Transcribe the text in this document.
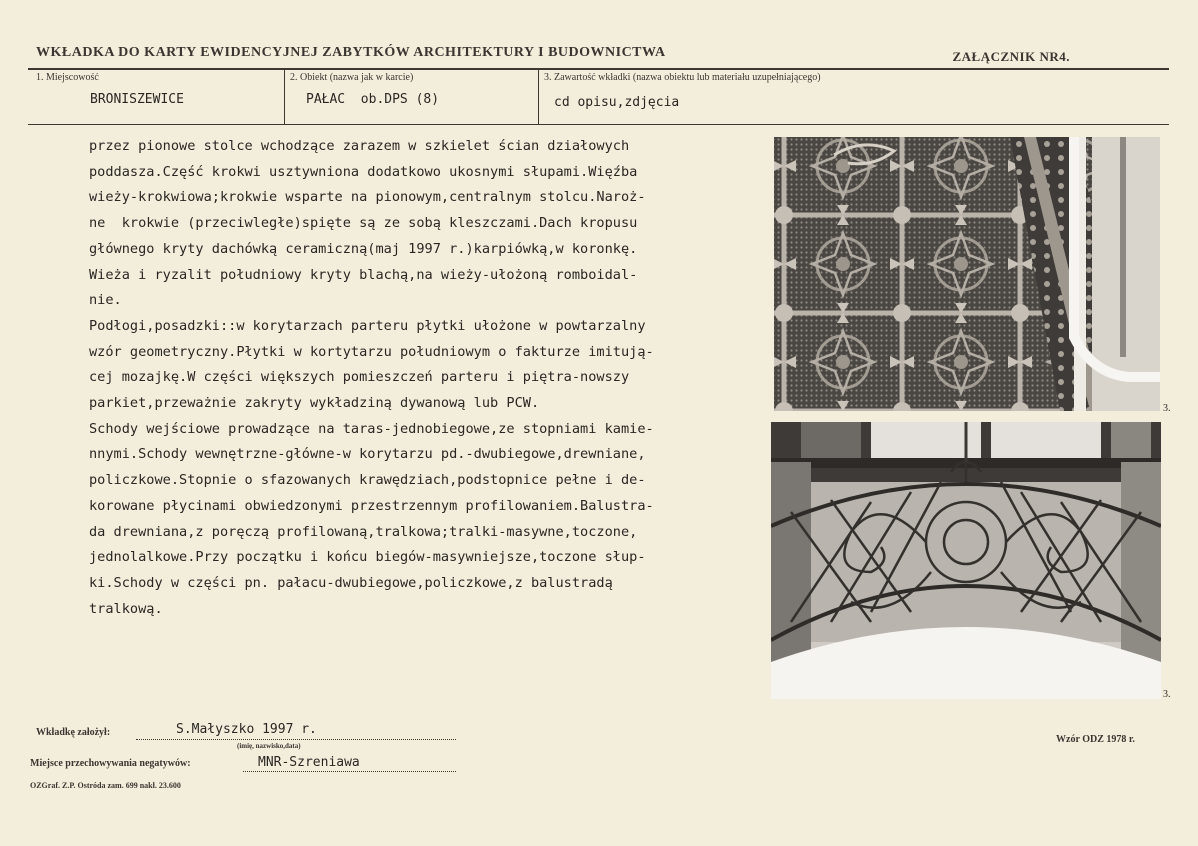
WKŁADKA DO KARTY EWIDENCYJNEJ ZABYTKÓW ARCHITEKTURY I BUDOWNICTWA	ZAŁĄCZNIK NR4.
1. Miejscowość
BRONISZEWICE
2. Obiekt (nazwa jak w karcie)
PAŁAC  ob.DPS (8)
3. Zawartość wkładki (nazwa obiektu lub materiału uzupełniającego)
cd opisu,zdjęcia
przez pionowe stolce wchodzące zarazem w szkielet ścian działowych
poddasza.Część krokwi usztywniona dodatkowo ukosnymi słupami.Więźba
wieży-krokwiowa;krokwie wsparte na pionowym,centralnym stolcu.Naroż-
ne  krokwie (przeciwległe)spięte są ze sobą kleszczami.Dach kropusu
głównego kryty dachówką ceramiczną(maj 1997 r.)karpiówką,w koronkę.
Wieża i ryzalit południowy kryty blachą,na wieży-ułożoną romboidal-
nie.
Podłogi,posadzki::w korytarzach parteru płytki ułożone w powtarzalny
wzór geometryczny.Płytki w kortytarzu południowym o fakturze imitują-
cej mozajkę.W części większych pomieszczeń parteru i piętra-nowszy
parkiet,przeważnie zakryty wykładziną dywanową lub PCW.
Schody wejściowe prowadzące na taras-jednobiegowe,ze stopniami kamie-
nnymi.Schody wewnętrzne-główne-w korytarzu pd.-dwubiegowe,drewniane,
policzkowe.Stopnie o sfazowanych krawędziach,podstopnice pełne i de-
korowane płycinami obwiedzonymi przestrzennym profilowaniem.Balustra-
da drewniana,z poręczą profilowaną,tralkowa;tralki-masywne,toczone,
jednolalkowe.Przy początku i końcu biegów-masywniejsze,toczone słup-
ki.Schody w części pn. pałacu-dwubiegowe,policzkowe,z balustradą
tralkową.
3.
3.
Wkładkę założył:	S.Małyszko 1997 r.
(imię, nazwisko,data)
Miejsce przechowywania negatywów:	MNR-Szreniawa
OZGraf. Z.P. Ostróda zam. 699 nakł. 23.600
Wzór ODZ 1978 r.
